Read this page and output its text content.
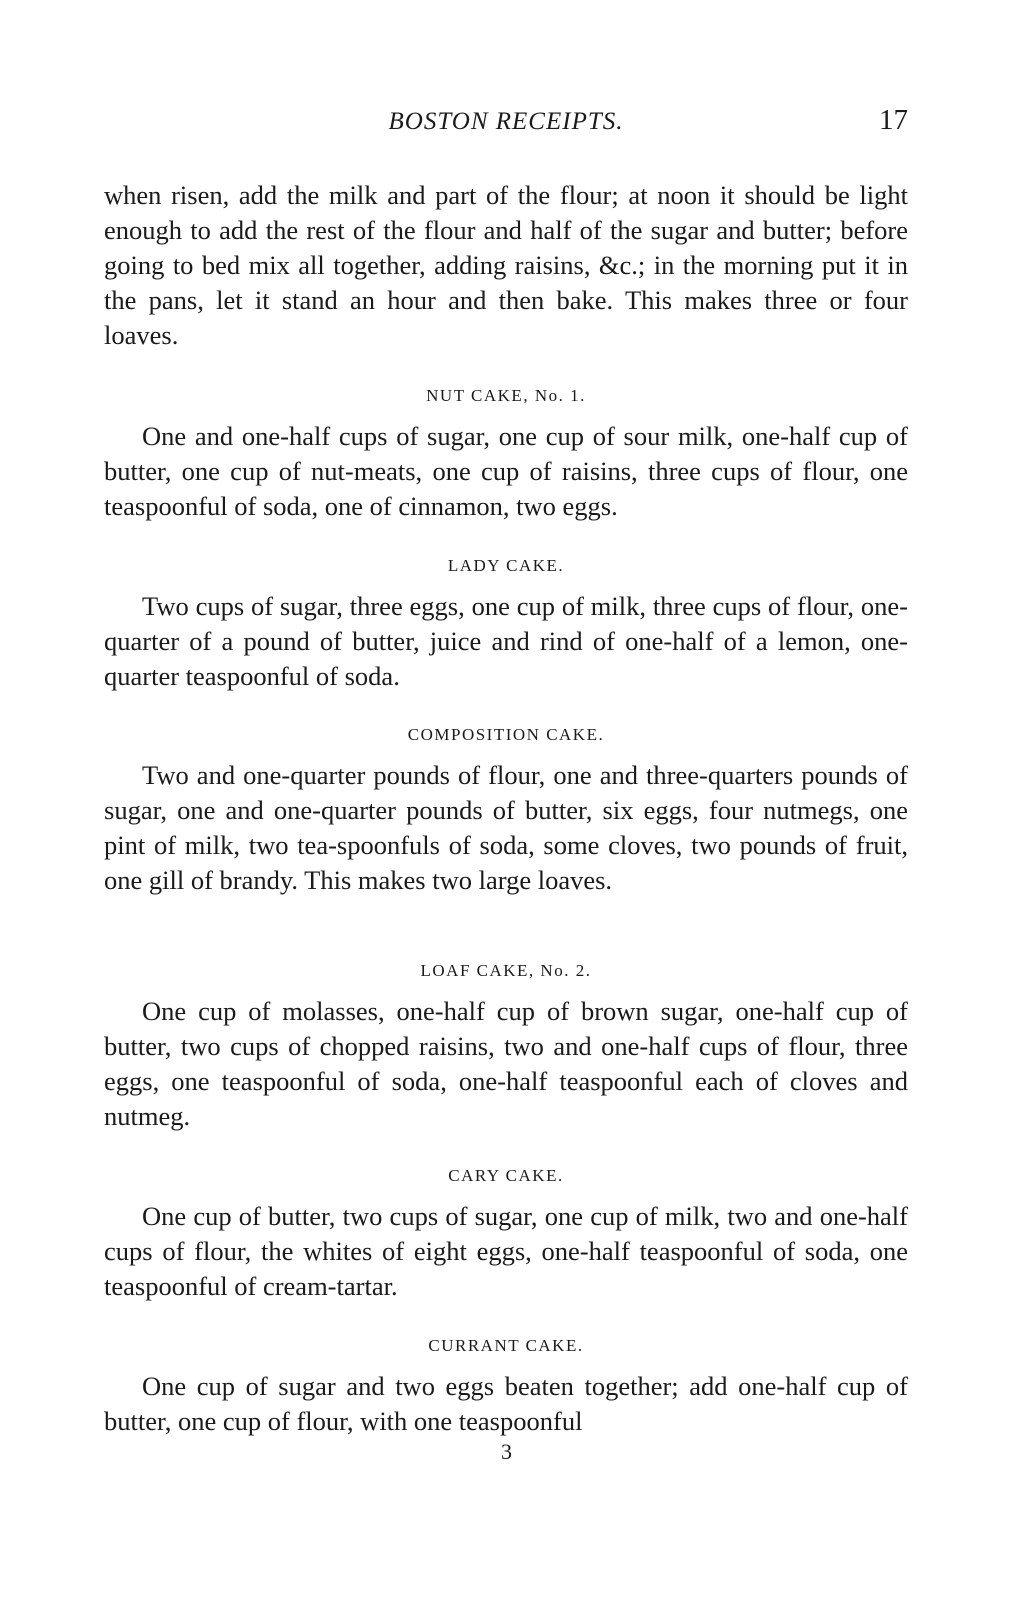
BOSTON RECEIPTS.	17

when risen, add the milk and part of the flour; at noon it should be light enough to add the rest of the flour and half of the sugar and butter; before going to bed mix all together, adding raisins, &c.; in the morning put it in the pans, let it stand an hour and then bake. This makes three or four loaves.

NUT CAKE, No. 1.

One and one-half cups of sugar, one cup of sour milk, one-half cup of butter, one cup of nut-meats, one cup of raisins, three cups of flour, one teaspoonful of soda, one of cinnamon, two eggs.

LADY CAKE.

Two cups of sugar, three eggs, one cup of milk, three cups of flour, one-quarter of a pound of butter, juice and rind of one-half of a lemon, one-quarter teaspoonful of soda.

COMPOSITION CAKE.

Two and one-quarter pounds of flour, one and three-quarters pounds of sugar, one and one-quarter pounds of butter, six eggs, four nutmegs, one pint of milk, two tea-spoonfuls of soda, some cloves, two pounds of fruit, one gill of brandy. This makes two large loaves.

LOAF CAKE, No. 2.

One cup of molasses, one-half cup of brown sugar, one-half cup of butter, two cups of chopped raisins, two and one-half cups of flour, three eggs, one teaspoonful of soda, one-half teaspoonful each of cloves and nutmeg.

CARY CAKE.

One cup of butter, two cups of sugar, one cup of milk, two and one-half cups of flour, the whites of eight eggs, one-half teaspoonful of soda, one teaspoonful of cream-tartar.

CURRANT CAKE.

One cup of sugar and two eggs beaten together; add one-half cup of butter, one cup of flour, with one teaspoonful

3
